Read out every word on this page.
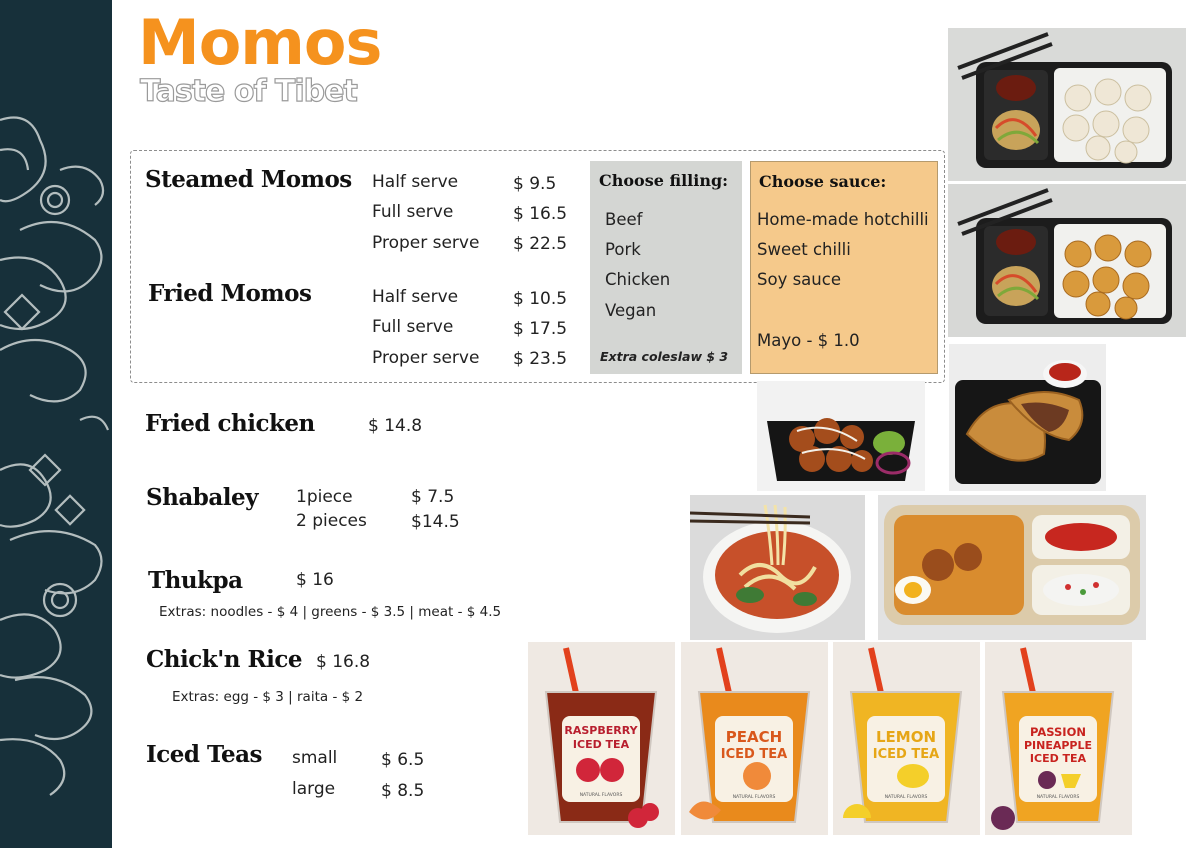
Momos
Taste of Tibet
Steamed Momos Half serve	$ 9.5
Full serve	$ 16.5
Proper serve $ 22.5
Fried Momos	Half serve	$ 10.5
Full serve	$ 17.5
Proper serve $ 23.5
Choose filling:
Beef
Pork
Chicken
Vegan
Extra coleslaw $ 3
Choose sauce:
Home-made hotchilli
Sweet chilli
Soy sauce
Mayo - $ 1.0
Fried chicken	$ 14.8
Shabaley 1piece	$ 7.5
2 pieces	$14.5
Thukpa	$ 16
Extras: noodles - $ 4 | greens - $ 3.5 | meat - $ 4.5
Chick'n Rice $ 16.8
Extras: egg - $ 3 | raita - $ 2
Iced Teas small	$ 6.5
large	$ 8.5
RASPBERRY
ICED TEA
NATURAL FLAVORS
PEACH
ICED TEA
NATURAL FLAVORS
LEMON
ICED TEA
NATURAL FLAVORS
PASSION
PINEAPPLE
ICED TEA
NATURAL FLAVORS
